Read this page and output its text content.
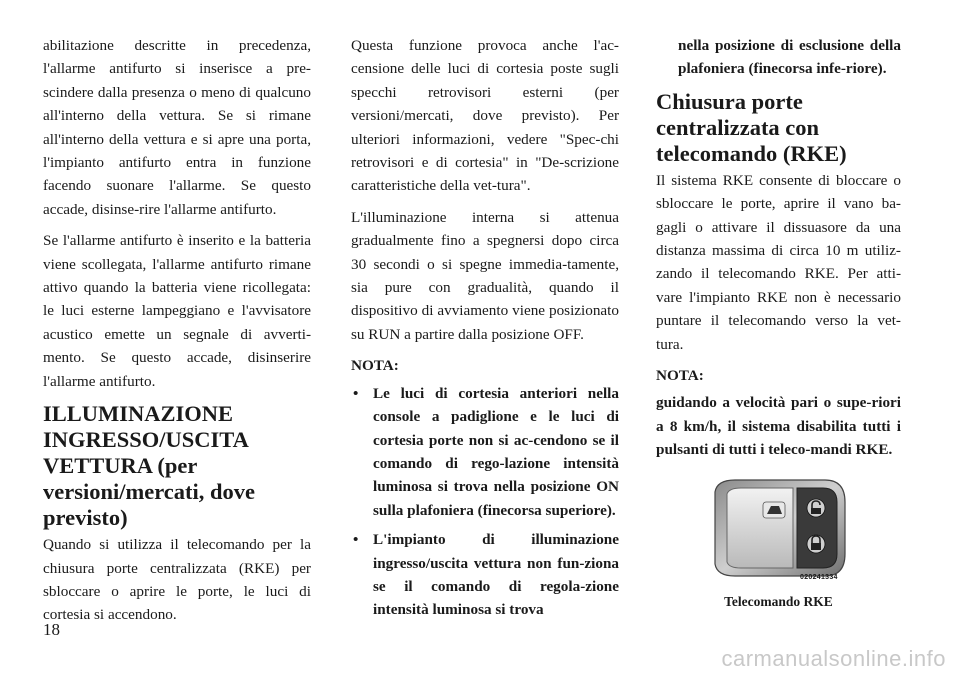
abilitazione descritte in precedenza, l'allarme antifurto si inserisce a pre-scindere dalla presenza o meno di qualcuno all'interno della vettura. Se si rimane all'interno della vettura e si apre una porta, l'impianto antifurto entra in funzione facendo suonare l'allarme. Se questo accade, disinse-rire l'allarme antifurto.

Se l'allarme antifurto è inserito e la batteria viene scollegata, l'allarme antifurto rimane attivo quando la batteria viene ricollegata: le luci esterne lampeggiano e l'avvisatore acustico emette un segnale di avverti-mento. Se questo accade, disinserire l'allarme antifurto.

ILLUMINAZIONE INGRESSO/USCITA VETTURA (per versioni/mercati, dove previsto)

Quando si utilizza il telecomando per la chiusura porte centralizzata (RKE) per sbloccare o aprire le porte, le luci di cortesia si accendono.

Questa funzione provoca anche l'ac-censione delle luci di cortesia poste sugli specchi retrovisori esterni (per versioni/mercati, dove previsto). Per ulteriori informazioni, vedere "Spec-chi retrovisori e di cortesia" in "De-scrizione caratteristiche della vet-tura".

L'illuminazione interna si attenua gradualmente fino a spegnersi dopo circa 30 secondi o si spegne immedia-tamente, sia pure con gradualità, quando il dispositivo di avviamento viene posizionato su RUN a partire dalla posizione OFF.

NOTA:
• Le luci di cortesia anteriori nella console a padiglione e le luci di cortesia porte non si ac-cendono se il comando di rego-lazione intensità luminosa si trova nella posizione ON sulla plafoniera (finecorsa superiore).
• L'impianto di illuminazione ingresso/uscita vettura non fun-ziona se il comando di regola-zione intensità luminosa si trova

nella posizione di esclusione della plafoniera (finecorsa infe-riore).

Chiusura porte centralizzata con telecomando (RKE)

Il sistema RKE consente di bloccare o sbloccare le porte, aprire il vano ba-gagli o attivare il dissuasore da una distanza massima di circa 10 m utiliz-zando il telecomando RKE. Per atti-vare l'impianto RKE non è necessario puntare il telecomando verso la vet-tura.

NOTA:

guidando a velocità pari o supe-riori a 8 km/h, il sistema disabilita tutti i pulsanti di tutti i teleco-mandi RKE.

020241334
Telecomando RKE
18
carmanualsonline.info
